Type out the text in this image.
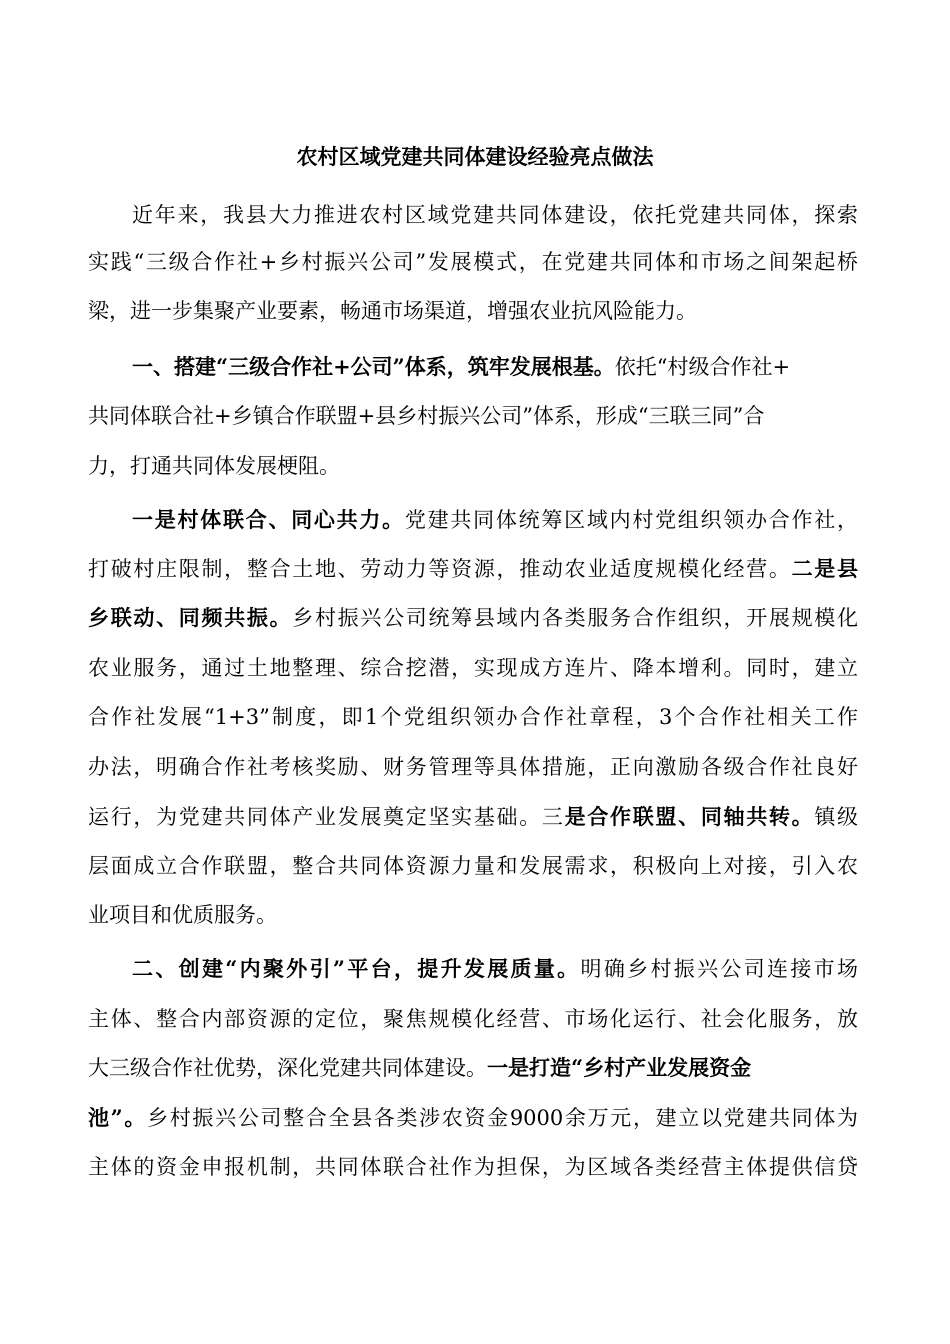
农村区域党建共同体建设经验亮点做法
近年来，我县大力推进农村区域党建共同体建设，依托党建共同体，探索
实践“三级合作社+乡村振兴公司”发展模式，在党建共同体和市场之间架起桥
梁，进一步集聚产业要素，畅通市场渠道，增强农业抗风险能力。
一、搭建“三级合作社+公司”体系，筑牢发展根基。依托“村级合作社+
共同体联合社+乡镇合作联盟+县乡村振兴公司”体系，形成“三联三同”合
力，打通共同体发展梗阻。
一是村体联合、同心共力。党建共同体统筹区域内村党组织领办合作社，
打破村庄限制，整合土地、劳动力等资源，推动农业适度规模化经营。二是县
乡联动、同频共振。乡村振兴公司统筹县域内各类服务合作组织，开展规模化
农业服务，通过土地整理、综合挖潜，实现成方连片、降本增利。同时，建立
合作社发展“1+3”制度，即1个党组织领办合作社章程，3个合作社相关工作
办法，明确合作社考核奖励、财务管理等具体措施，正向激励各级合作社良好
运行，为党建共同体产业发展奠定坚实基础。三是合作联盟、同轴共转。镇级
层面成立合作联盟，整合共同体资源力量和发展需求，积极向上对接，引入农
业项目和优质服务。
二、创建“内聚外引”平台，提升发展质量。明确乡村振兴公司连接市场
主体、整合内部资源的定位，聚焦规模化经营、市场化运行、社会化服务，放
大三级合作社优势，深化党建共同体建设。一是打造“乡村产业发展资金
池”。乡村振兴公司整合全县各类涉农资金9000余万元，建立以党建共同体为
主体的资金申报机制，共同体联合社作为担保，为区域各类经营主体提供信贷
